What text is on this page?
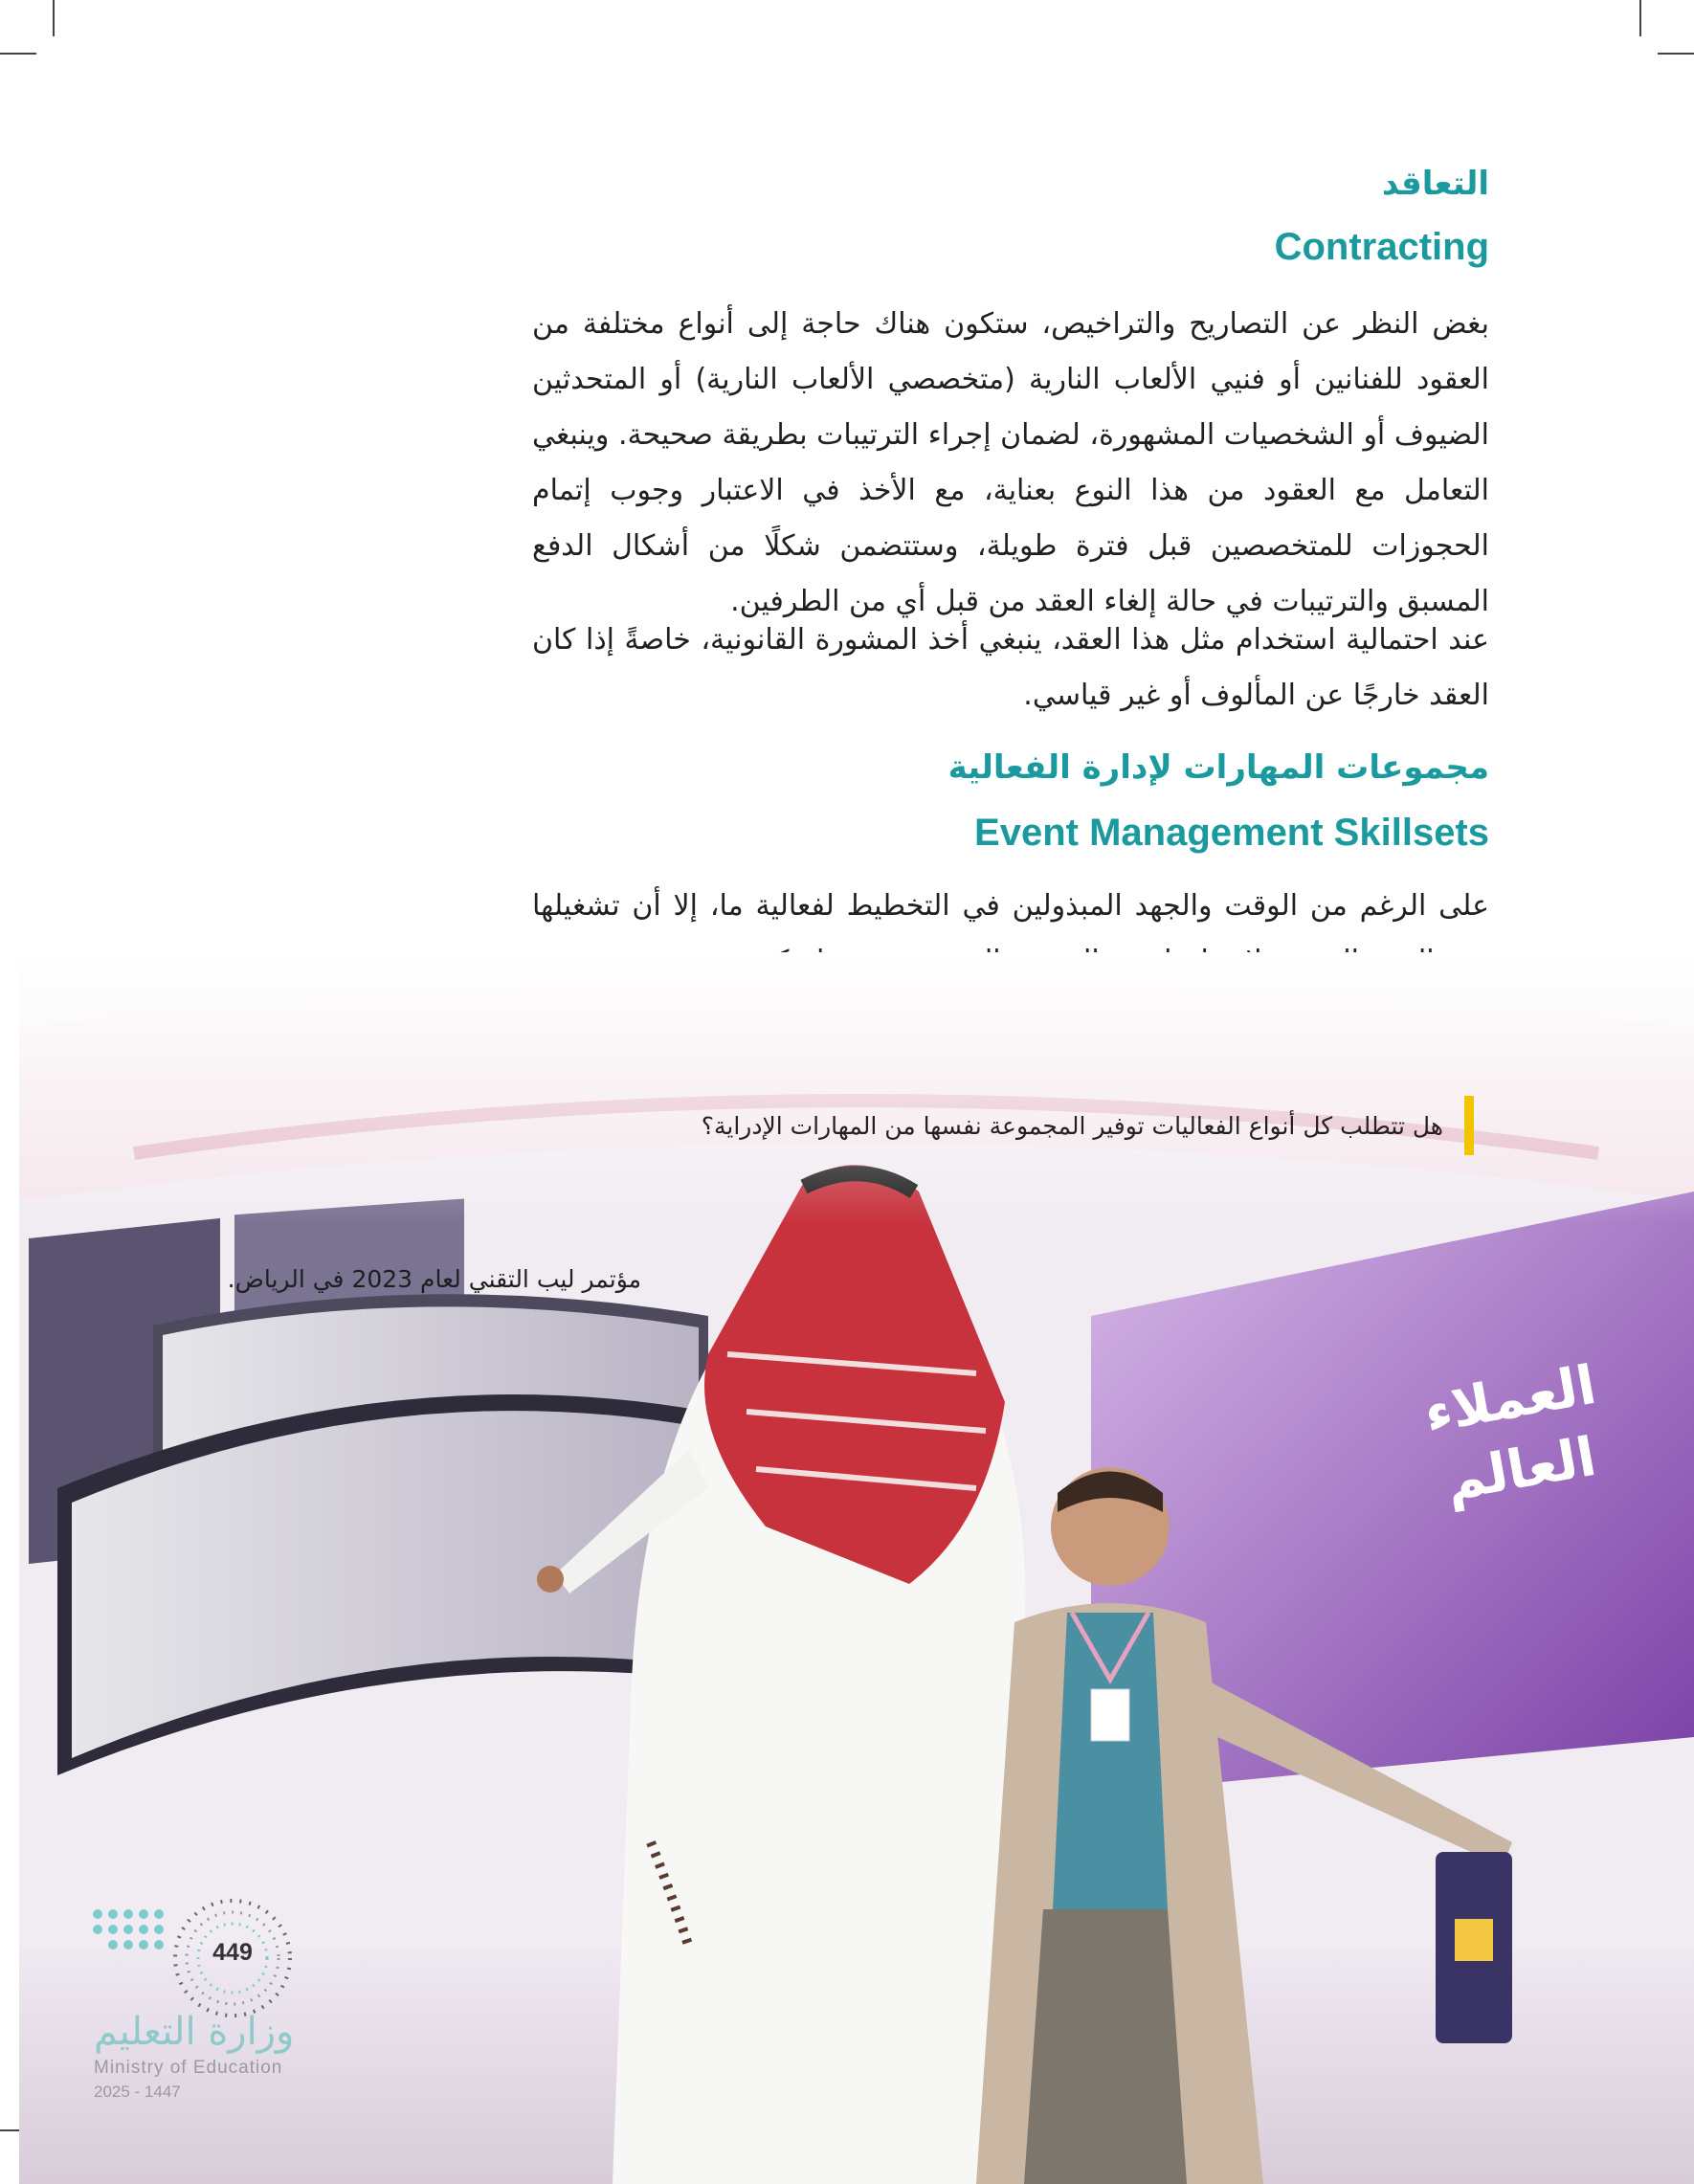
التعاقد
Contracting

بغض النظر عن التصاريح والتراخيص، ستكون هناك حاجة إلى أنواع مختلفة من العقود للفنانين أو فنيي الألعاب النارية (متخصصي الألعاب النارية) أو المتحدثين الضيوف أو الشخصيات المشهورة، لضمان إجراء الترتيبات بطريقة صحيحة. وينبغي التعامل مع العقود من هذا النوع بعناية، مع الأخذ في الاعتبار وجوب إتمام الحجوزات للمتخصصين قبل فترة طويلة، وستتضمن شكلًا من أشكال الدفع المسبق والترتيبات في حالة إلغاء العقد من قبل أي من الطرفين.

عند احتمالية استخدام مثل هذا العقد، ينبغي أخذ المشورة القانونية، خاصةً إذا كان العقد خارجًا عن المألوف أو غير قياسي.

مجموعات المهارات لإدارة الفعالية
Event Management Skillsets

على الرغم من الوقت والجهد المبذولين في التخطيط لفعالية ما، إلا أن تشغيلها

هل تتطلب كل أنواع الفعاليات توفير المجموعة نفسها من المهارات الإدراية؟
مؤتمر ليب التقني لعام 2023 في الرياض.
449
وزارة التعليم
Ministry of Education
2025 - 1447
